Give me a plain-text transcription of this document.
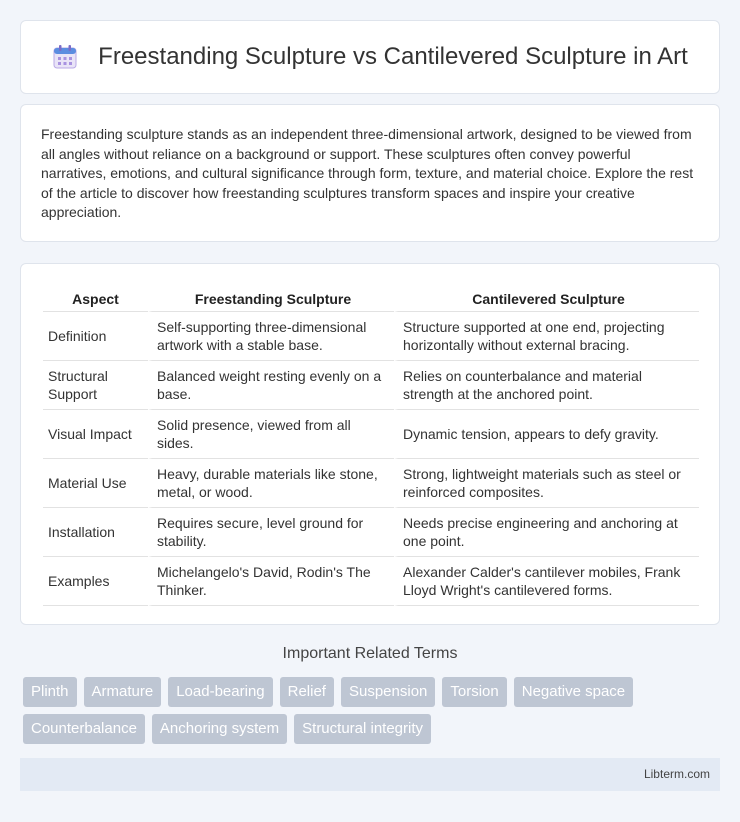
Freestanding Sculpture vs Cantilevered Sculpture in Art

Freestanding sculpture stands as an independent three-dimensional artwork, designed to be viewed from all angles without reliance on a background or support. These sculptures often convey powerful narratives, emotions, and cultural significance through form, texture, and material choice. Explore the rest of the article to discover how freestanding sculptures transform spaces and inspire your creative appreciation.

Aspect	Freestanding Sculpture	Cantilevered Sculpture
Definition	Self-supporting three-dimensional artwork with a stable base.	Structure supported at one end, projecting horizontally without external bracing.
Structural Support	Balanced weight resting evenly on a base.	Relies on counterbalance and material strength at the anchored point.
Visual Impact	Solid presence, viewed from all sides.	Dynamic tension, appears to defy gravity.
Material Use	Heavy, durable materials like stone, metal, or wood.	Strong, lightweight materials such as steel or reinforced composites.
Installation	Requires secure, level ground for stability.	Needs precise engineering and anchoring at one point.
Examples	Michelangelo's David, Rodin's The Thinker.	Alexander Calder's cantilever mobiles, Frank Lloyd Wright's cantilevered forms.
Important Related Terms
Plinth	Armature	Load-bearing	Relief	Suspension	Torsion	Negative space
Counterbalance	Anchoring system	Structural integrity
Libterm.com
